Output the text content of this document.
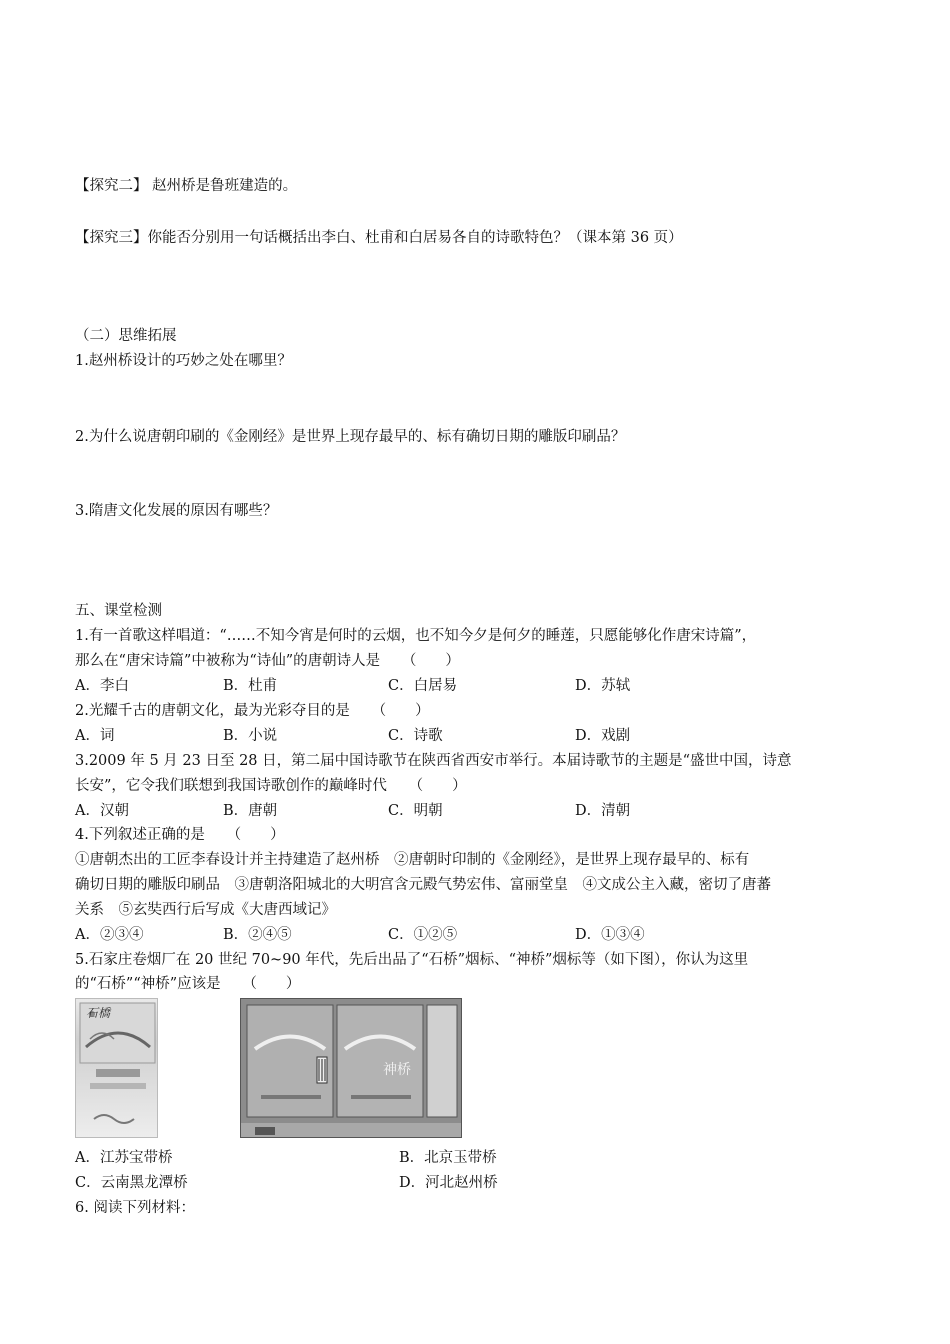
【探究二】 赵州桥是鲁班建造的。
【探究三】你能否分别用一句话概括出李白、杜甫和白居易各自的诗歌特色？（课本第 36 页）
（二）思维拓展
1.赵州桥设计的巧妙之处在哪里？
2.为什么说唐朝印刷的《金刚经》是世界上现存最早的、标有确切日期的雕版印刷品？
3.隋唐文化发展的原因有哪些？
五、课堂检测
1.有一首歌这样唱道：“……不知今宵是何时的云烟，也不知今夕是何夕的睡莲，只愿能够化作唐宋诗篇”，
那么在“唐宋诗篇”中被称为“诗仙”的唐朝诗人是　　（　　）
A．李白	B．杜甫	C．白居易	D．苏轼
2.光耀千古的唐朝文化，最为光彩夺目的是　　（　　）
A．词	B．小说	C．诗歌	D．戏剧
3.2009 年 5 月 23 日至 28 日，第二届中国诗歌节在陕西省西安市举行。本届诗歌节的主题是“盛世中国，诗意
长安”，它令我们联想到我国诗歌创作的巅峰时代　　（　　）
A．汉朝	B．唐朝	C．明朝	D．清朝
4.下列叙述正确的是　　（　　）
①唐朝杰出的工匠李春设计并主持建造了赵州桥　②唐朝时印制的《金刚经》，是世界上现存最早的、标有
确切日期的雕版印刷品　③唐朝洛阳城北的大明宫含元殿气势宏伟、富丽堂皇　④文成公主入藏，密切了唐蕃
关系　⑤玄奘西行后写成《大唐西域记》
A．②③④	B．②④⑤	C．①②⑤	D．①③④
5.石家庄卷烟厂在 20 世纪 70~90 年代，先后出品了“石桥”烟标、“神桥”烟标等（如下图），你认为这里
的“石桥”“神桥”应该是　　（　　）
石橋
神桥
A．江苏宝带桥	B．北京玉带桥
C．云南黑龙潭桥	D．河北赵州桥
6. 阅读下列材料：
